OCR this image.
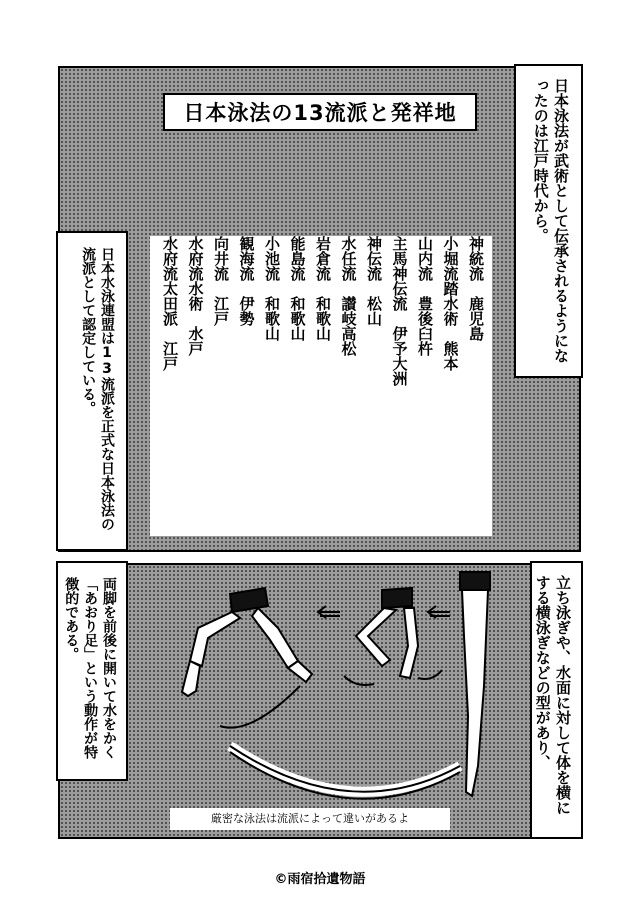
日本泳法の13流派と発祥地
神統流　鹿児島
小堀流踏水術　熊本
山内流　豊後臼杵
主馬神伝流　伊予大洲
神伝流　松山
水任流　讃岐高松
岩倉流　和歌山
能島流　和歌山
小池流　和歌山
観海流　伊勢
向井流　江戸
水府流水術　水戸
水府流太田派　江戸	日本泳法が武術として伝承されるようになったのは江戸時代から。
日本水泳連盟は13流派を正式な日本泳法の流派として認定している。
立ち泳ぎや、水面に対して体を横にする横泳ぎなどの型があり、
両脚を前後に開いて水をかく「あおり足」という動作が特徴的である。
厳密な泳法は流派によって違いがあるよ
©雨宿拾遺物語
